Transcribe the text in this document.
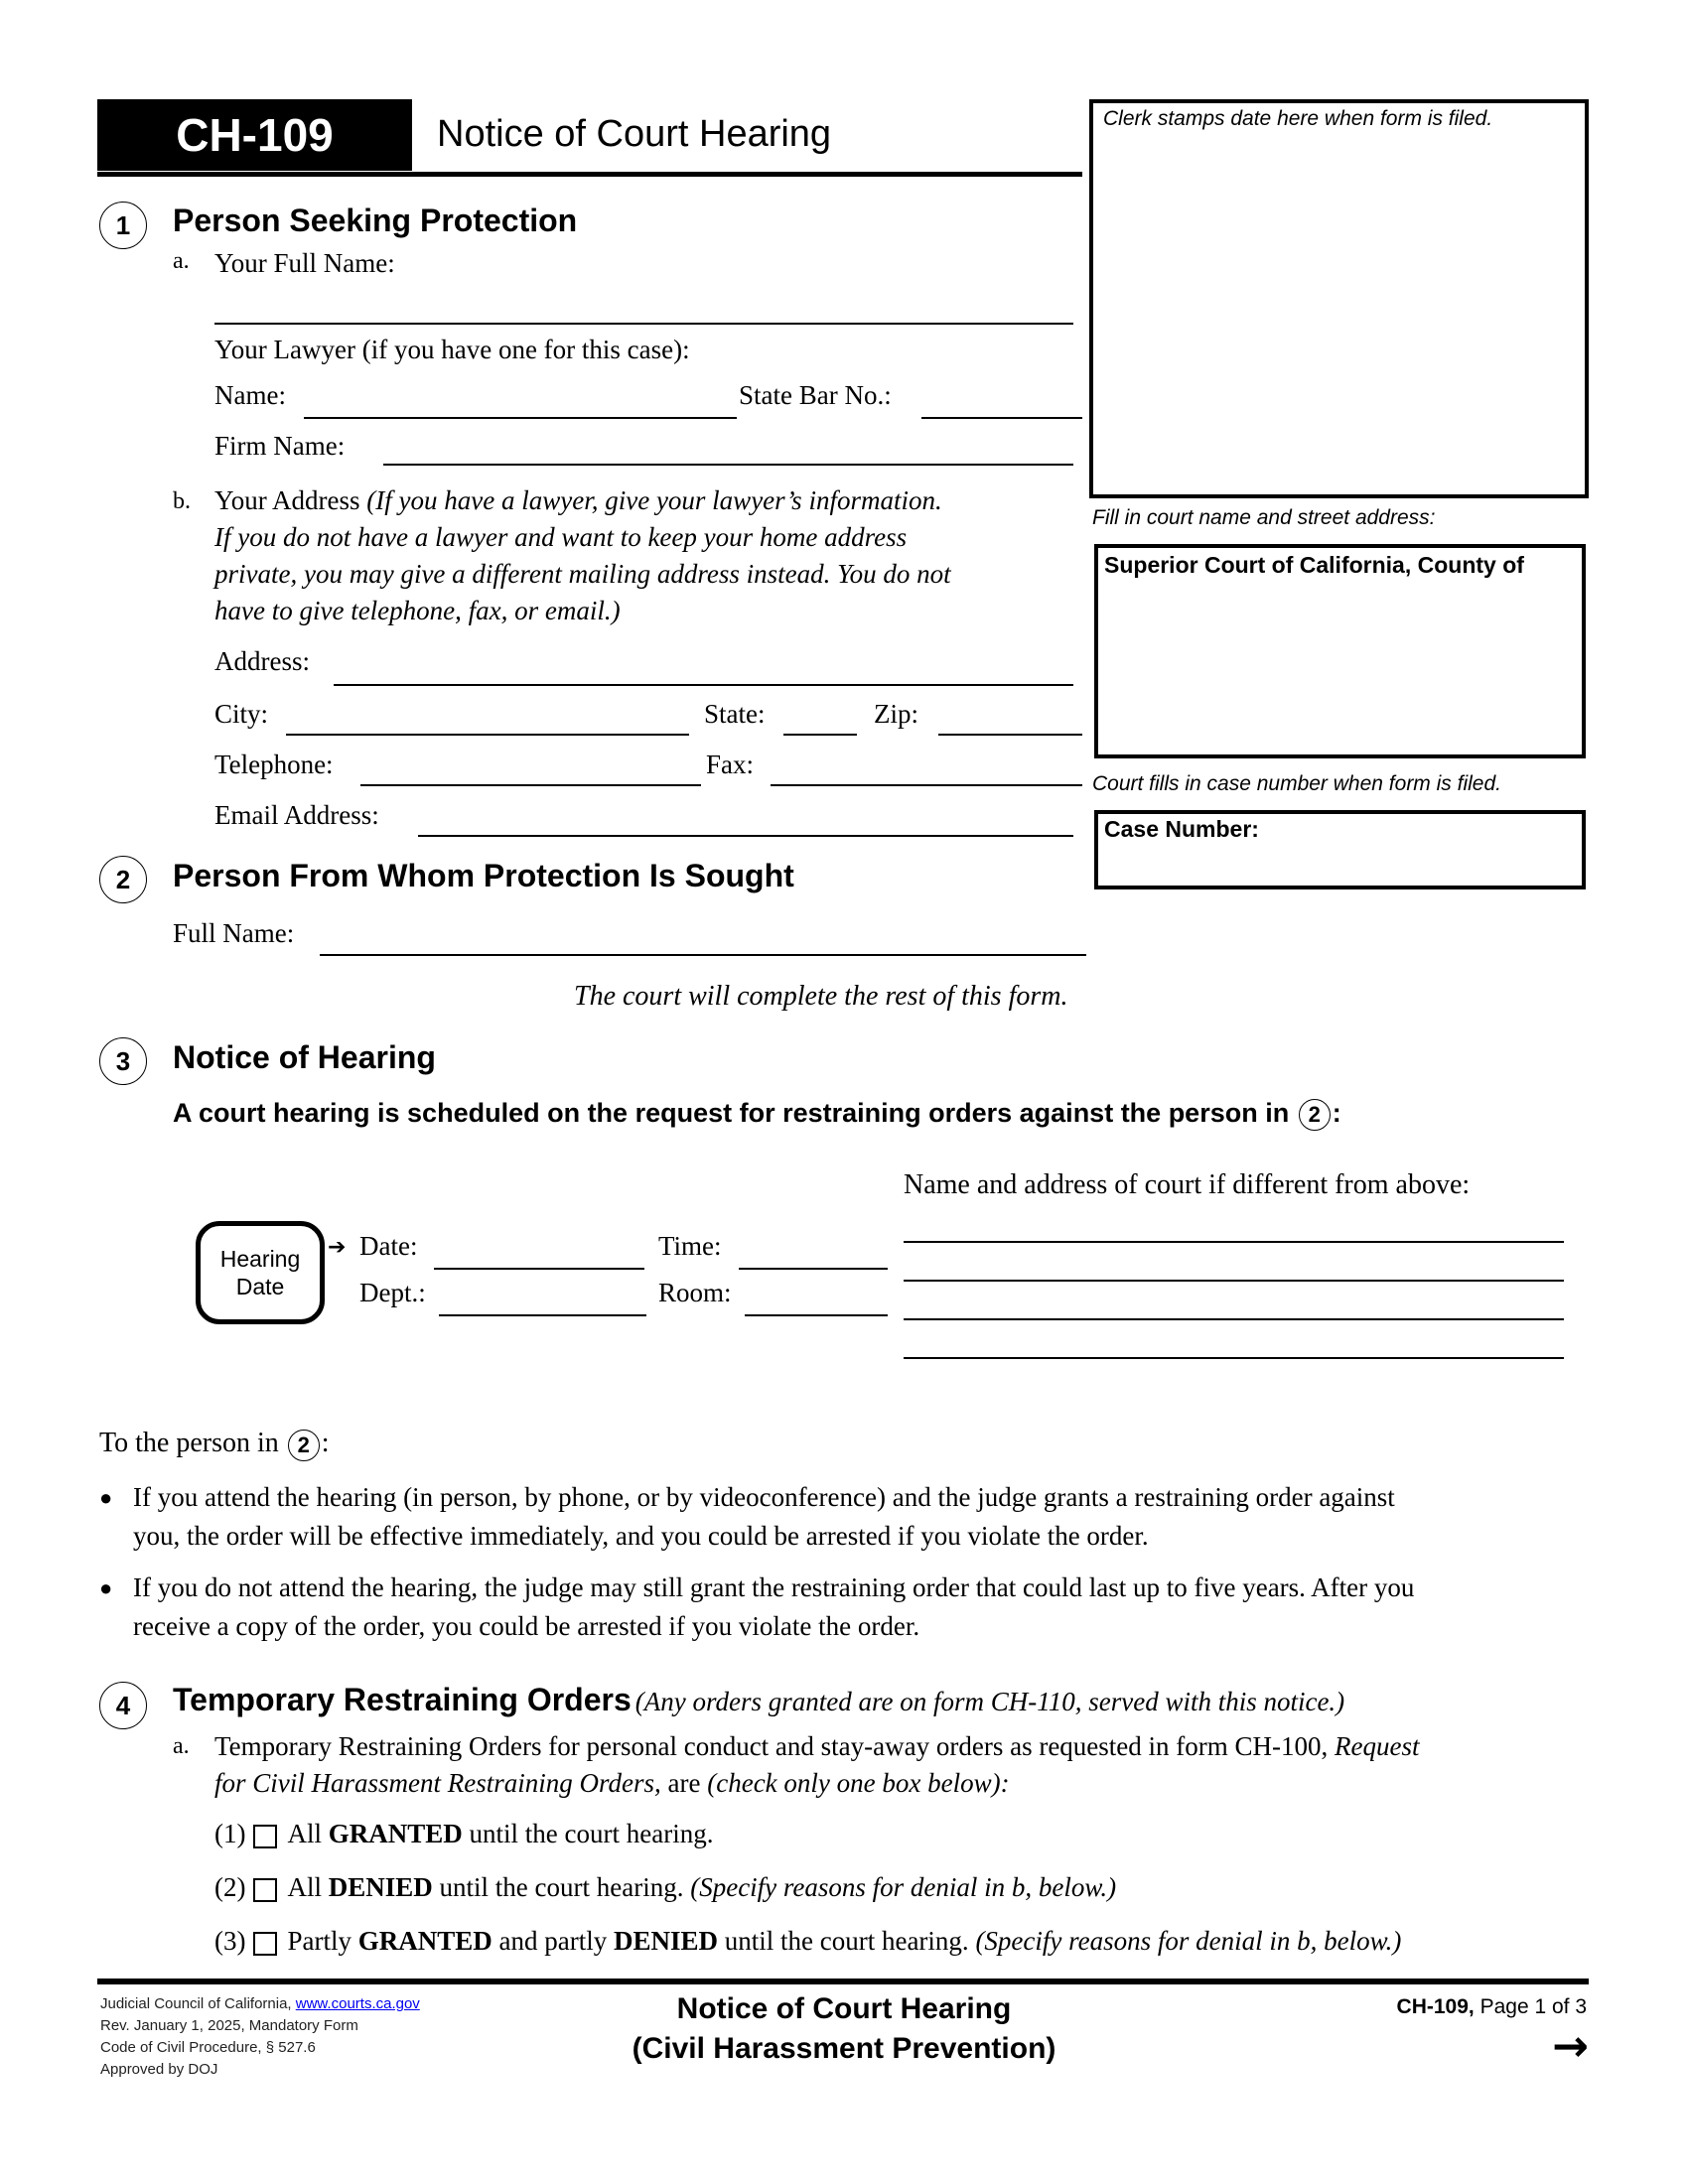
CH-109	Notice of Court Hearing	Clerk stamps date here when form is filed.
Fill in court name and street address:
Superior Court of California, County of
Court fills in case number when form is filed.
Case Number:
1	Person Seeking Protection
a. Your Full Name:
Your Lawyer (if you have one for this case):
Name:	State Bar No.:
Firm Name:
b. Your Address (If you have a lawyer, give your lawyer’s information.
If you do not have a lawyer and want to keep your home address
private, you may give a different mailing address instead. You do not
have to give telephone, fax, or email.)
Address:
City:	State:	Zip:
Telephone:	Fax:
Email Address:
2	Person From Whom Protection Is Sought
Full Name:
The court will complete the rest of this form.
3	Notice of Hearing
A court hearing is scheduled on the request for restraining orders against the person in 2 :
Name and address of court if different from above:
Hearing
Date
➔ Date:	Time:
Dept.:	Room:
To the person in 2 :
● If you attend the hearing (in person, by phone, or by videoconference) and the judge grants a restraining order against
you, the order will be effective immediately, and you could be arrested if you violate the order.
● If you do not attend the hearing, the judge may still grant the restraining order that could last up to five years. After you
receive a copy of the order, you could be arrested if you violate the order.
4	Temporary Restraining Orders (Any orders granted are on form CH-110, served with this notice.)
a. Temporary Restraining Orders for personal conduct and stay-away orders as requested in form CH-100, Request
for Civil Harassment Restraining Orders, are (check only one box below):
(1) All GRANTED until the court hearing.
(2) All DENIED until the court hearing. (Specify reasons for denial in b, below.)
(3) Partly GRANTED and partly DENIED until the court hearing. (Specify reasons for denial in b, below.)
Judicial Council of California, www.courts.ca.gov
Rev. January 1, 2025, Mandatory Form
Code of Civil Procedure, § 527.6
Approved by DOJ
Notice of Court Hearing
(Civil Harassment Prevention)
CH-109, Page 1 of 3
→
